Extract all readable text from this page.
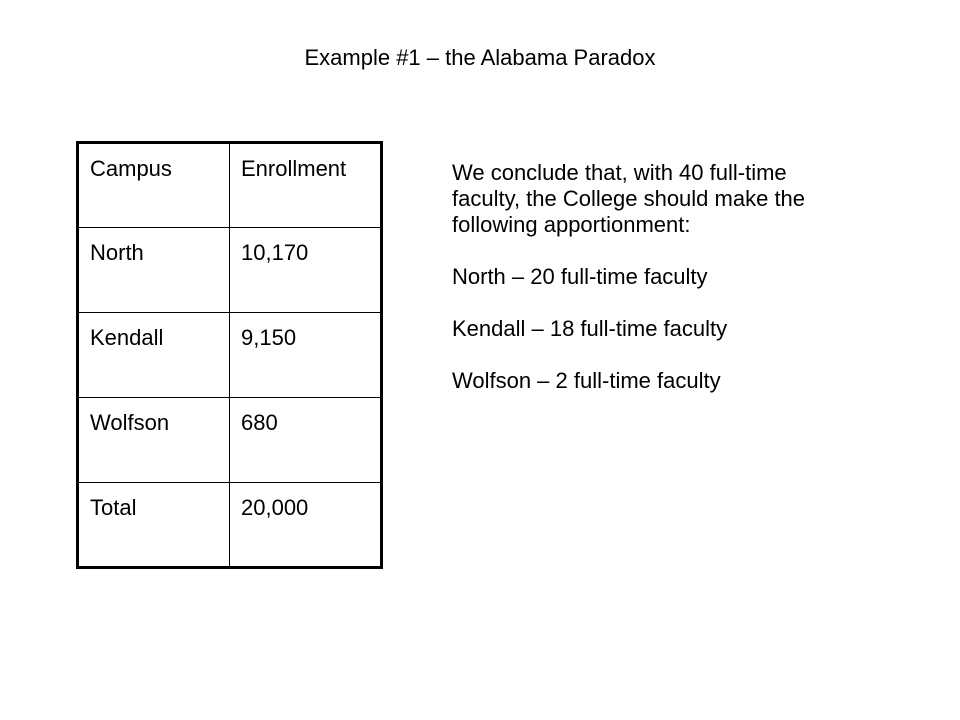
Example #1 – the Alabama Paradox
Campus	Enrollment
North	10,170
Kendall	9,150
Wolfson	680
Total	20,000

We conclude that, with 40 full-time

faculty, the College should make the

following apportionment:

North – 20 full-time faculty

Kendall – 18 full-time faculty

Wolfson – 2 full-time faculty
